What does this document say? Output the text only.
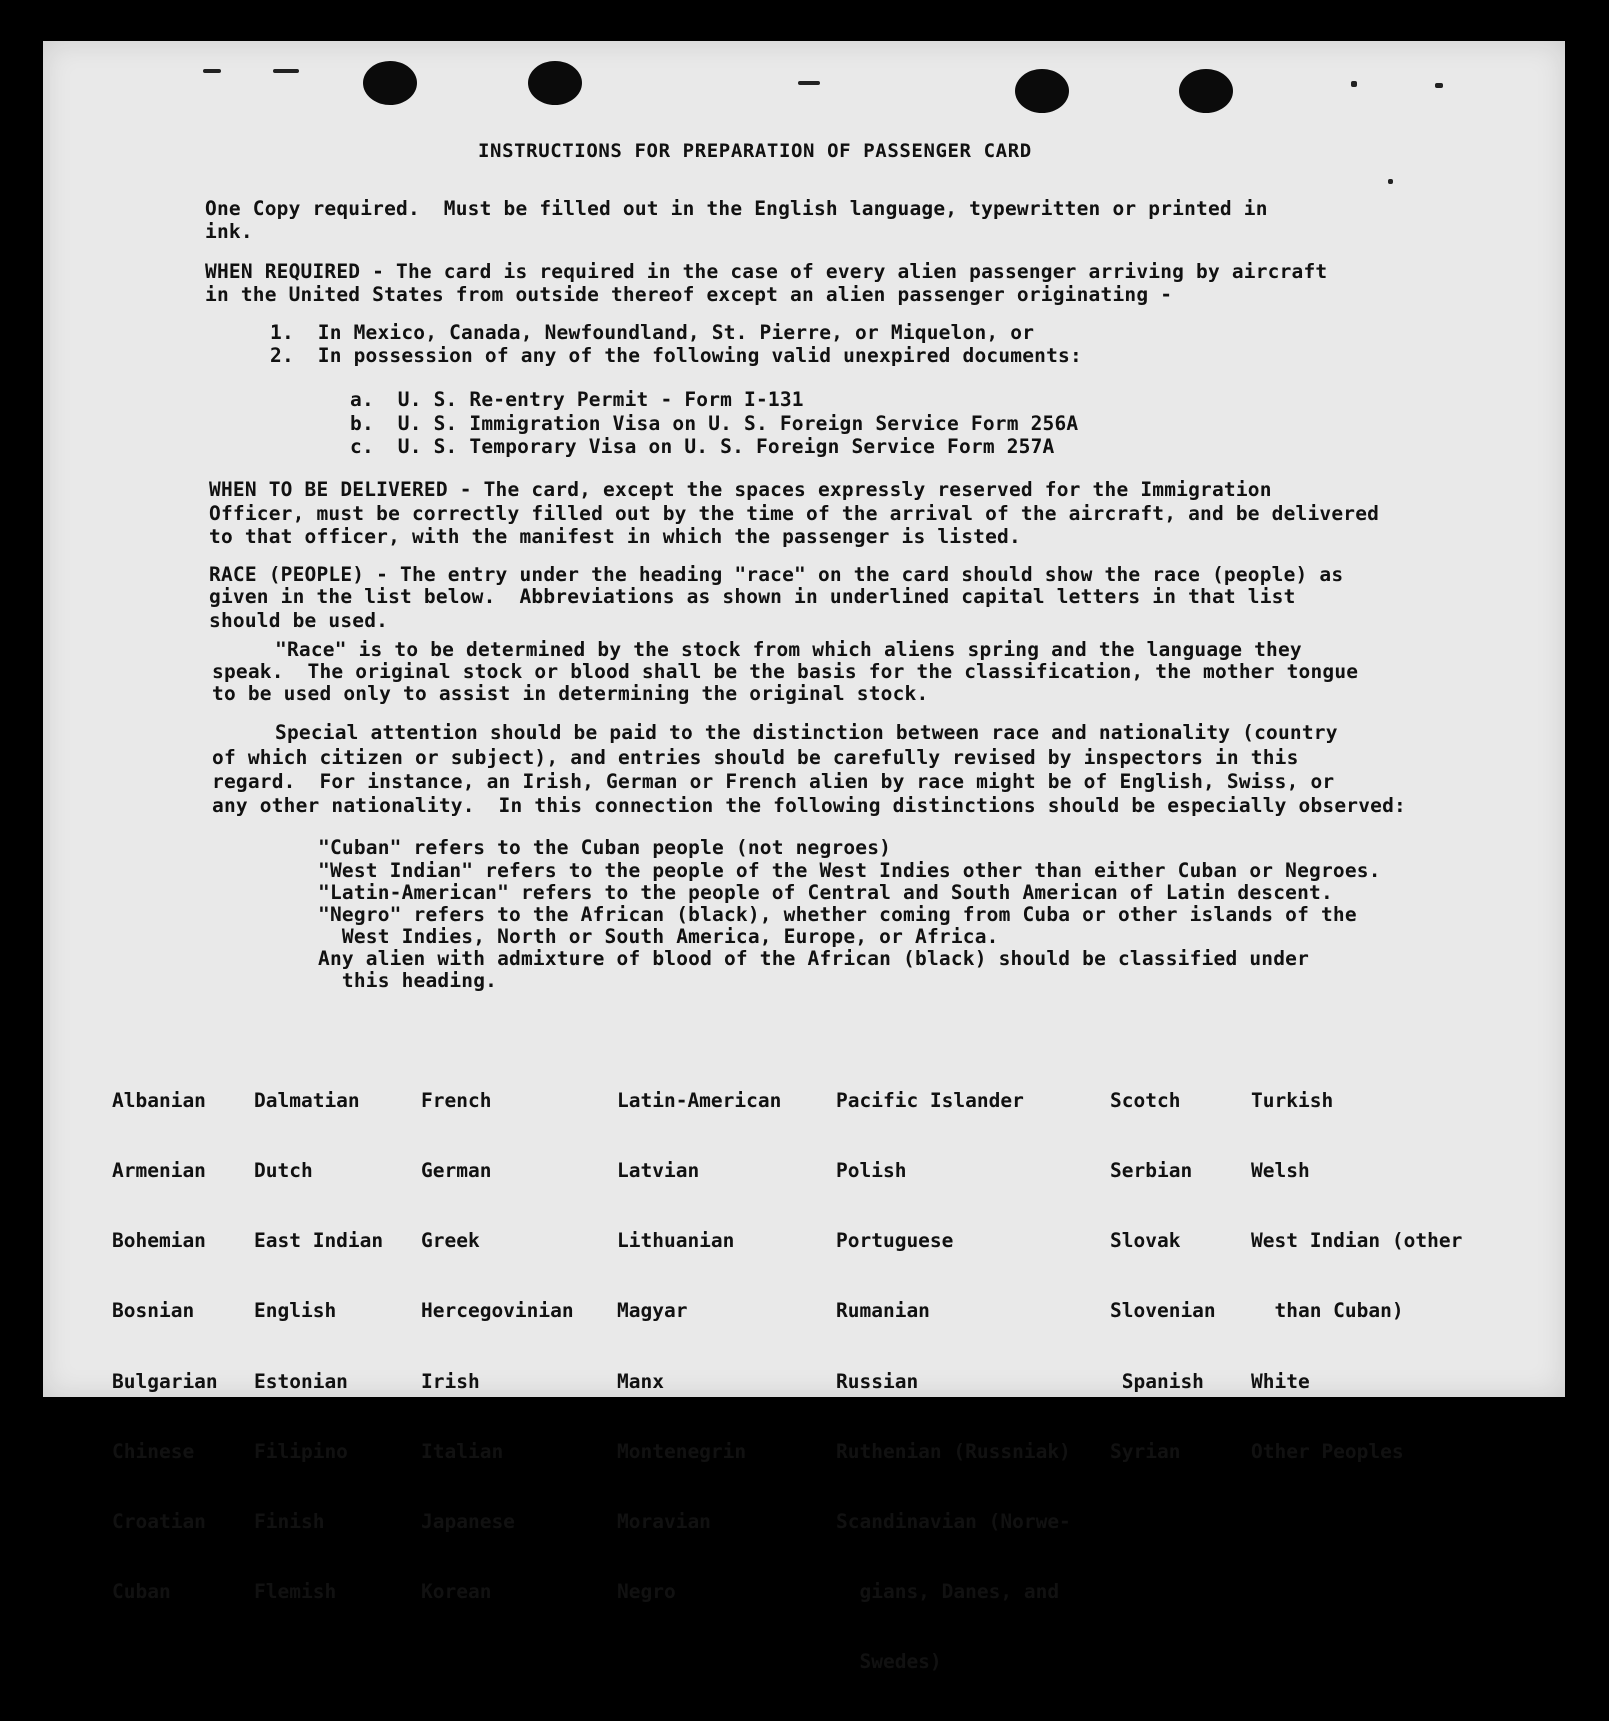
INSTRUCTIONS FOR PREPARATION OF PASSENGER CARD
One Copy required.  Must be filled out in the English language, typewritten or printed in
ink.
WHEN REQUIRED - The card is required in the case of every alien passenger arriving by aircraft
in the United States from outside thereof except an alien passenger originating -
1.  In Mexico, Canada, Newfoundland, St. Pierre, or Miquelon, or
2.  In possession of any of the following valid unexpired documents:
a.  U. S. Re-entry Permit - Form I-131
b.  U. S. Immigration Visa on U. S. Foreign Service Form 256A
c.  U. S. Temporary Visa on U. S. Foreign Service Form 257A
WHEN TO BE DELIVERED - The card, except the spaces expressly reserved for the Immigration
Officer, must be correctly filled out by the time of the arrival of the aircraft, and be delivered
to that officer, with the manifest in which the passenger is listed.
RACE (PEOPLE) - The entry under the heading "race" on the card should show the race (people) as
given in the list below.  Abbreviations as shown in underlined capital letters in that list
should be used.
"Race" is to be determined by the stock from which aliens spring and the language they
speak.  The original stock or blood shall be the basis for the classification, the mother tongue
to be used only to assist in determining the original stock.
Special attention should be paid to the distinction between race and nationality (country
of which citizen or subject), and entries should be carefully revised by inspectors in this
regard.  For instance, an Irish, German or French alien by race might be of English, Swiss, or
any other nationality.  In this connection the following distinctions should be especially observed:
"Cuban" refers to the Cuban people (not negroes)
"West Indian" refers to the people of the West Indies other than either Cuban or Negroes.
"Latin-American" refers to the people of Central and South American of Latin descent.
"Negro" refers to the African (black), whether coming from Cuba or other islands of the
West Indies, North or South America, Europe, or Africa.
Any alien with admixture of blood of the African (black) should be classified under
this heading.

Albanian

Armenian

Bohemian

Bosnian

Bulgarian

Chinese

Croatian

Cuban

Dalmatian

Dutch

East Indian

English

Estonian

Filipino

Finish

Flemish

French

German

Greek

Hercegovinian

Irish

Italian

Japanese

Korean

Latin-American

Latvian

Lithuanian

Magyar

Manx

Montenegrin

Moravian

Negro

Pacific Islander

Polish

Portuguese

Rumanian

Russian

Ruthenian (Russniak)

Scandinavian (Norwe-

gians, Danes, and

Swedes)

Scotch

Serbian

Slovak

Slovenian

Spanish

Syrian

Turkish

Welsh

West Indian (other

than Cuban)

White

Other Peoples
